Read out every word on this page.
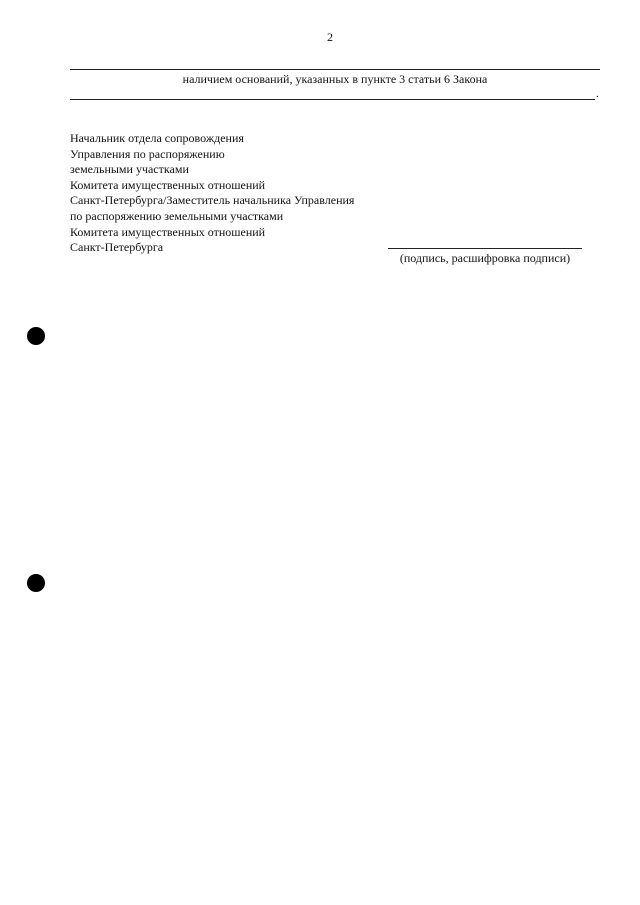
2
наличием оснований, указанных в пункте 3 статьи 6 Закона
.
Начальник отдела сопровождения
Управления по распоряжению
земельными участками
Комитета имущественных отношений
Санкт-Петербурга/Заместитель начальника Управления
по распоряжению земельными участками
Комитета имущественных отношений
Санкт-Петербурга
(подпись, расшифровка подписи)
